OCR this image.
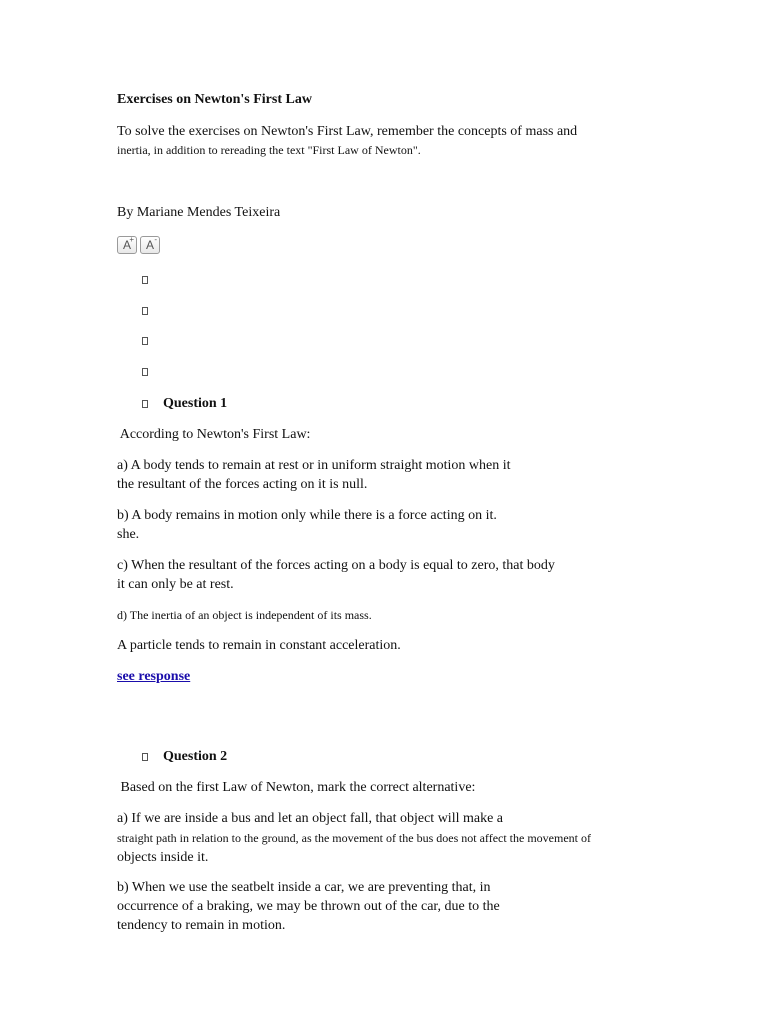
Exercises on Newton's First Law
To solve the exercises on Newton's First Law, remember the concepts of mass and
inertia, in addition to rereading the text "First Law of Newton".
By Mariane Mendes Teixeira
A
+ A-
Question 1
According to Newton's First Law:
a) A body tends to remain at rest or in uniform straight motion when it
the resultant of the forces acting on it is null.
b) A body remains in motion only while there is a force acting on it.
she.
c) When the resultant of the forces acting on a body is equal to zero, that body
it can only be at rest.
d) The inertia of an object is independent of its mass.
A particle tends to remain in constant acceleration.
see response
Question 2
Based on the first Law of Newton, mark the correct alternative:
a) If we are inside a bus and let an object fall, that object will make a
straight path in relation to the ground, as the movement of the bus does not affect the movement of
objects inside it.
b) When we use the seatbelt inside a car, we are preventing that, in
occurrence of a braking, we may be thrown out of the car, due to the
tendency to remain in motion.
